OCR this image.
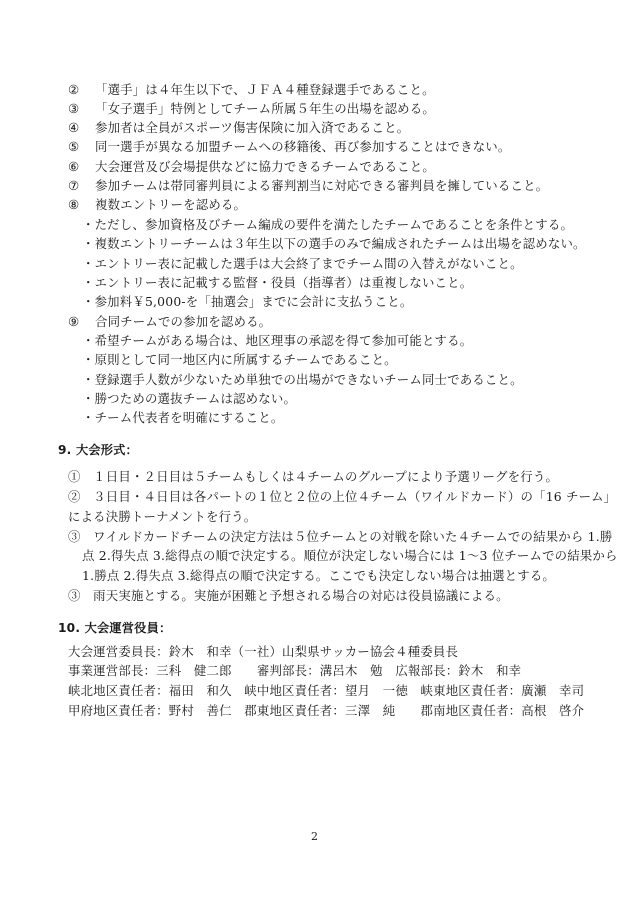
② 「選手」は４年生以下で、ＪＦＡ４種登録選手であること。
③ 「女子選手」特例としてチーム所属５年生の出場を認める。
④ 参加者は全員がスポーツ傷害保険に加入済であること。
⑤ 同一選手が異なる加盟チームへの移籍後、再び参加することはできない。
⑥ 大会運営及び会場提供などに協力できるチームであること。
⑦ 参加チームは帯同審判員による審判割当に対応できる審判員を擁していること。
⑧ 複数エントリーを認める。
・ただし、参加資格及びチーム編成の要件を満たしたチームであることを条件とする。
・複数エントリーチームは３年生以下の選手のみで編成されたチームは出場を認めない。
・エントリー表に記載した選手は大会終了までチーム間の入替えがないこと。
・エントリー表に記載する監督・役員（指導者）は重複しないこと。
・参加料￥5,000-を「抽選会」までに会計に支払うこと。
⑨ 合同チームでの参加を認める。
・希望チームがある場合は、地区理事の承認を得て参加可能とする。
・原則として同一地区内に所属するチームであること。
・登録選手人数が少ないため単独での出場ができないチーム同士であること。
・勝つための選抜チームは認めない。
・チーム代表者を明確にすること。
9. 大会形式：
①　１日目・２日目は５チームもしくは４チームのグループにより予選リーグを行う。
②　３日目・４日目は各パートの１位と２位の上位４チーム（ワイルドカード）の「16 チーム」
による決勝トーナメントを行う。
③　ワイルドカードチームの決定方法は５位チームとの対戦を除いた４チームでの結果から 1.勝
点 2.得失点 3.総得点の順で決定する。順位が決定しない場合には 1～3 位チームでの結果から
1.勝点 2.得失点 3.総得点の順で決定する。ここでも決定しない場合は抽選とする。
③　雨天実施とする。実施が困難と予想される場合の対応は役員協議による。
10. 大会運営役員：
大会運営委員長：鈴木　和幸（一社）山梨県サッカー協会４種委員長
事業運営部長：三科　健二郎　　審判部長：溝呂木　勉　広報部長：鈴木　和幸
峡北地区責任者：福田　和久　峡中地区責任者：望月　一徳　峡東地区責任者：廣瀬　幸司
甲府地区責任者：野村　善仁　郡東地区責任者：三澤　純　　郡南地区責任者：高根　啓介
2
